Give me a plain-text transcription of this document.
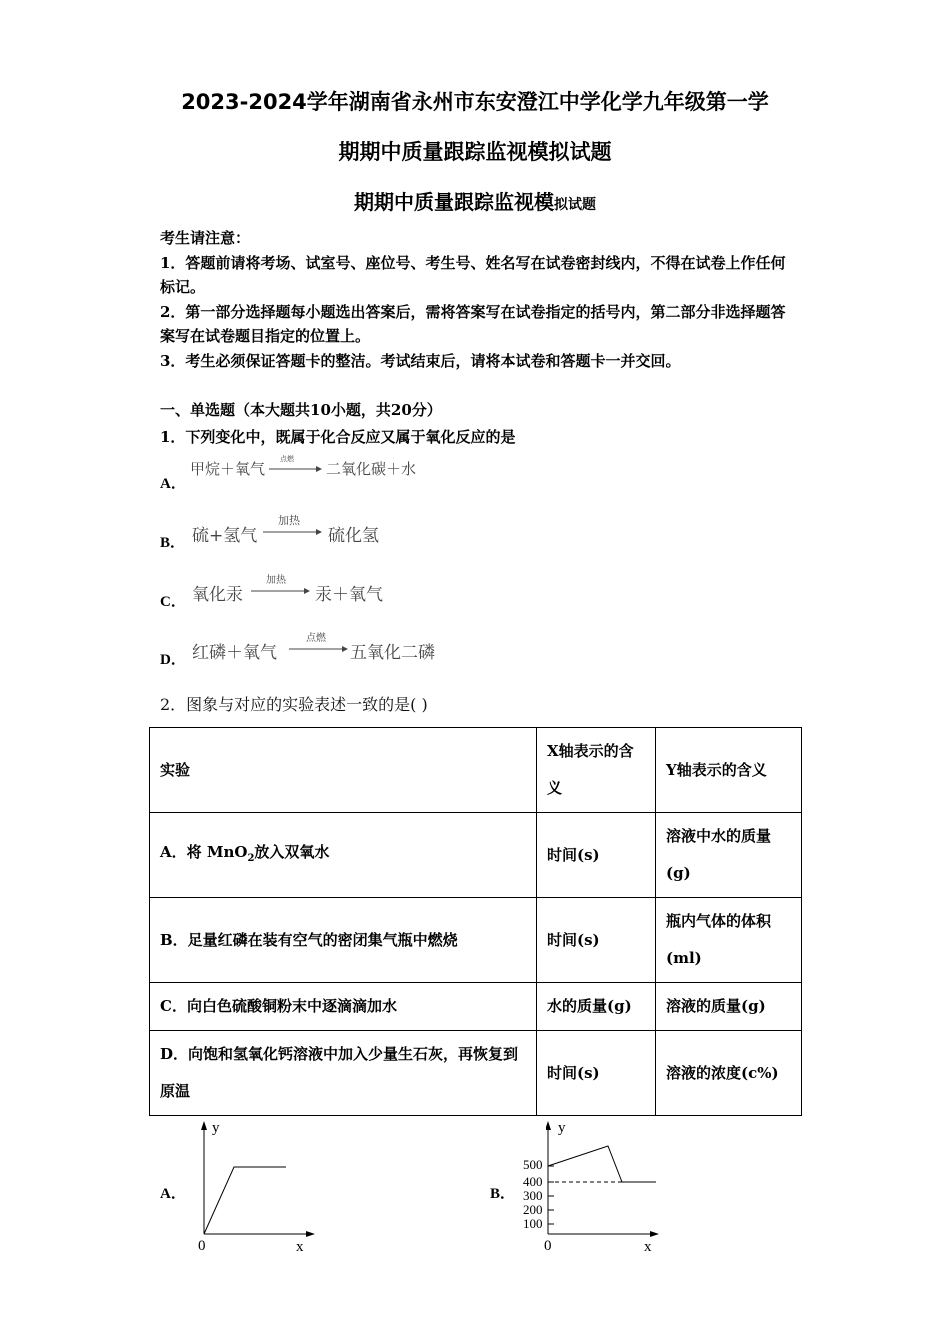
2023-2024学年湖南省永州市东安澄江中学化学九年级第一学
期期中质量跟踪监视模拟试题
期期中质量跟踪监视模拟试题
考生请注意：
1．答题前请将考场、试室号、座位号、考生号、姓名写在试卷密封线内，不得在试卷上作任何标记。
2．第一部分选择题每小题选出答案后，需将答案写在试卷指定的括号内，第二部分非选择题答案写在试卷题目指定的位置上。
3．考生必须保证答题卡的整洁。考试结束后，请将本试卷和答题卡一并交回。
一、单选题（本大题共10小题，共20分）
1．下列变化中，既属于化合反应又属于氧化反应的是
A．
甲烷＋氧气
点燃
二氧化碳＋水
B． 硫+氢气
加热
硫化氢
C． 氧化汞
加热
汞＋氧气
D． 红磷＋氧气
点燃
五氧化二磷
2．图象与对应的实验表述一致的是( )
实验	X轴表示的含义	Y轴表示的含义
A．将 MnO$_2$放入双氧水	时间(s)	溶液中水的质量(g)
B．足量红磷在装有空气的密闭集气瓶中燃烧	时间(s)	瓶内气体的体积(ml)
C．向白色硫酸铜粉末中逐滴滴加水	水的质量(g)	溶液的质量(g)
D．向饱和氢氧化钙溶液中加入少量生石灰，再恢复到原温	时间(s)	溶液的浓度(c%)
A．
y
0	x
B．
y
500
400
300
200
100
0	x
